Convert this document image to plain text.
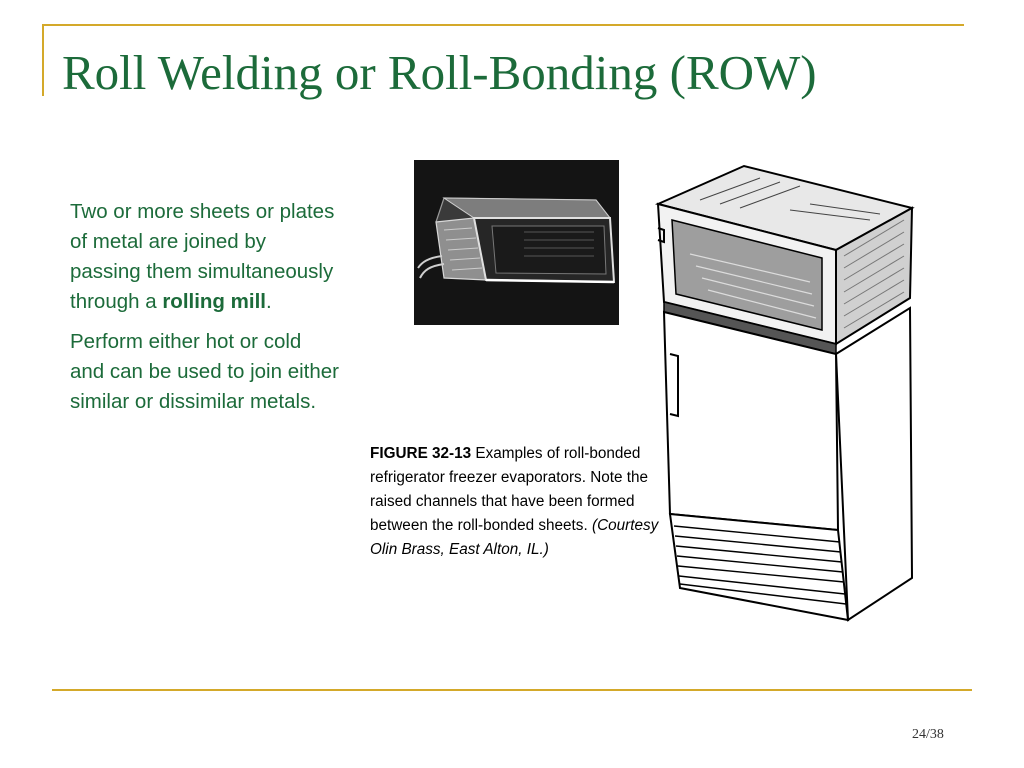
Roll Welding or Roll-Bonding (ROW)

Two or more sheets or plates of metal are joined by passing them simultaneously through a rolling mill.

Perform either hot or cold and can be used to join either similar or dissimilar metals.

FIGURE 32-13 Examples of roll-bonded refrigerator freezer evaporators. Note the raised channels that have been formed between the roll-bonded sheets. (Courtesy Olin Brass, East Alton, IL.)
24/38
